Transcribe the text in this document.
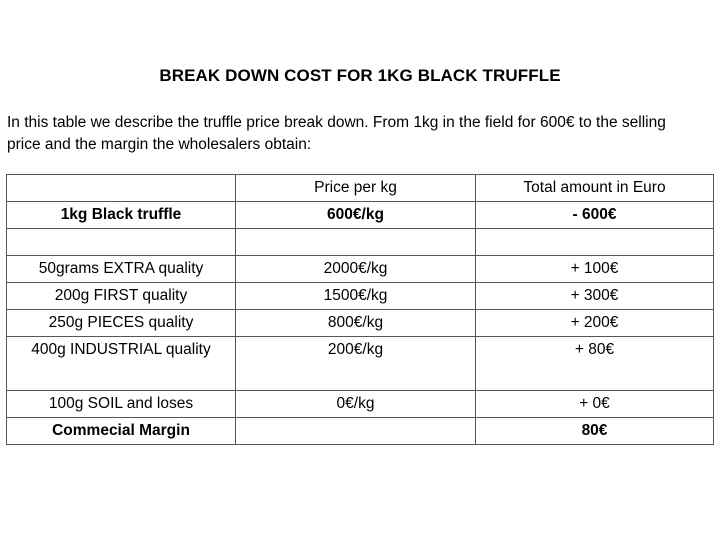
BREAK DOWN COST FOR 1KG BLACK TRUFFLE
In this table we describe the truffle price break down. From 1kg in the field for 600€ to the selling price and the margin the wholesalers obtain:
	Price per kg	Total amount in Euro
1kg Black truffle	600€/kg	- 600€

50grams EXTRA quality	2000€/kg	+ 100€
200g FIRST quality	1500€/kg	+ 300€
250g PIECES quality	800€/kg	+ 200€
400g INDUSTRIAL quality	200€/kg	+ 80€
100g SOIL and loses	0€/kg	+ 0€
Commecial Margin		80€
